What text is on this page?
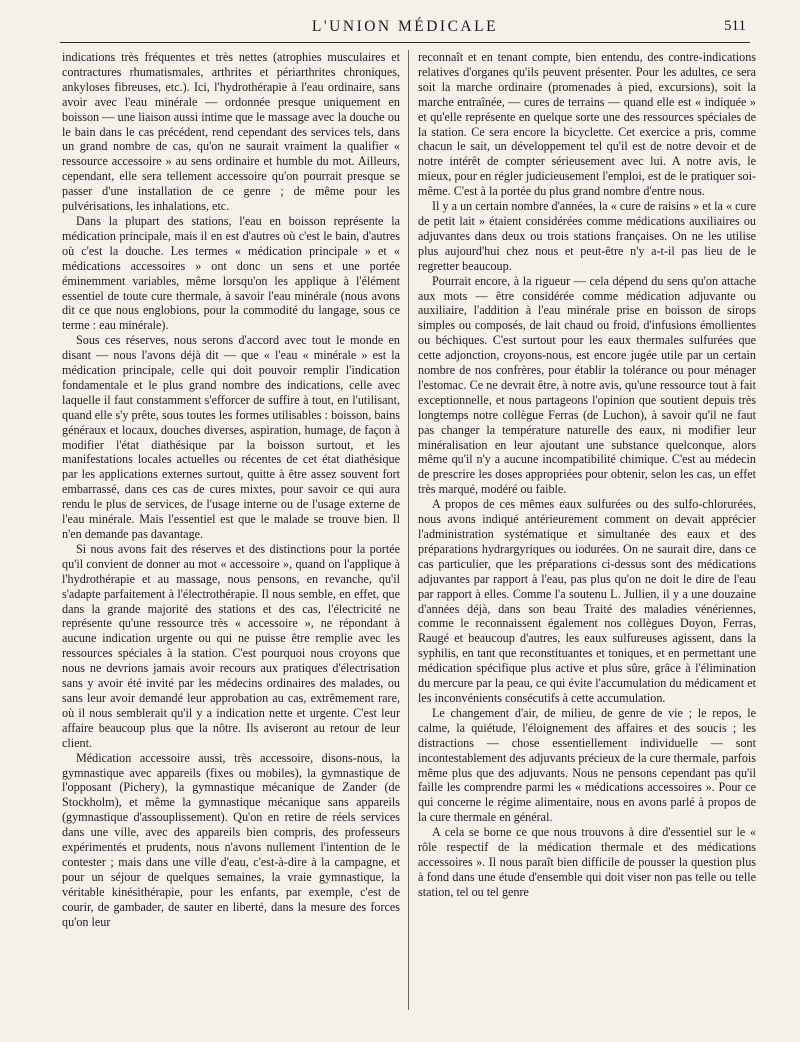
L'UNION MÉDICALE	511

indications très fréquentes et très nettes (atrophies musculaires et contractures rhumatismales, arthrites et périarthrites chroniques, ankyloses fibreuses, etc.). Ici, l'hydrothérapie à l'eau ordinaire, sans avoir avec l'eau minérale — ordonnée presque uniquement en boisson — une liaison aussi intime que le massage avec la douche ou le bain dans le cas précédent, rend cependant des services tels, dans un grand nombre de cas, qu'on ne saurait vraiment la qualifier « ressource accessoire » au sens ordinaire et humble du mot. Ailleurs, cependant, elle sera tellement accessoire qu'on pourrait presque se passer d'une installation de ce genre ; de même pour les pulvérisations, les inhalations, etc.

Dans la plupart des stations, l'eau en boisson représente la médication principale, mais il en est d'autres où c'est le bain, d'autres où c'est la douche. Les termes « médication principale » et « médications accessoires » ont donc un sens et une portée éminemment variables, même lorsqu'on les applique à l'élément essentiel de toute cure thermale, à savoir l'eau minérale (nous avons dit ce que nous englobions, pour la commodité du langage, sous ce terme : eau minérale).

Sous ces réserves, nous serons d'accord avec tout le monde en disant — nous l'avons déjà dit — que « l'eau « minérale » est la médication principale, celle qui doit pouvoir remplir l'indication fondamentale et le plus grand nombre des indications, celle avec laquelle il faut constamment s'efforcer de suffire à tout, en l'utilisant, quand elle s'y prête, sous toutes les formes utilisables : boisson, bains généraux et locaux, douches diverses, aspiration, humage, de façon à modifier l'état diathésique par la boisson surtout, et les manifestations locales actuelles ou récentes de cet état diathésique par les applications externes surtout, quitte à être assez souvent fort embarrassé, dans ces cas de cures mixtes, pour savoir ce qui aura rendu le plus de services, de l'usage interne ou de l'usage externe de l'eau minérale. Mais l'essentiel est que le malade se trouve bien. Il n'en demande pas davantage.

Si nous avons fait des réserves et des distinctions pour la portée qu'il convient de donner au mot « accessoire », quand on l'applique à l'hydrothérapie et au massage, nous pensons, en revanche, qu'il s'adapte parfaitement à l'électrothérapie. Il nous semble, en effet, que dans la grande majorité des stations et des cas, l'électricité ne représente qu'une ressource très « accessoire », ne répondant à aucune indication urgente ou qui ne puisse être remplie avec les ressources spéciales à la station. C'est pourquoi nous croyons que nous ne devrions jamais avoir recours aux pratiques d'électrisation sans y avoir été invité par les médecins ordinaires des malades, ou sans leur avoir demandé leur approbation au cas, extrêmement rare, où il nous semblerait qu'il y a indication nette et urgente. C'est leur affaire beaucoup plus que la nôtre. Ils aviseront au retour de leur client.

Médication accessoire aussi, très accessoire, disons-nous, la gymnastique avec appareils (fixes ou mobiles), la gymnastique de l'opposant (Pichery), la gymnastique mécanique de Zander (de Stockholm), et même la gymnastique mécanique sans appareils (gymnastique d'assouplissement). Qu'on en retire de réels services dans une ville, avec des appareils bien compris, des professeurs expérimentés et prudents, nous n'avons nullement l'intention de le contester ; mais dans une ville d'eau, c'est-à-dire à la campagne, et pour un séjour de quelques semaines, la vraie gymnastique, la véritable kinésithérapie, pour les enfants, par exemple, c'est de courir, de gambader, de sauter en liberté, dans la mesure des forces qu'on leur

reconnaît et en tenant compte, bien entendu, des contre-indications relatives d'organes qu'ils peuvent présenter. Pour les adultes, ce sera soit la marche ordinaire (promenades à pied, excursions), soit la marche entraînée, — cures de terrains — quand elle est « indiquée » et qu'elle représente en quelque sorte une des ressources spéciales de la station. Ce sera encore la bicyclette. Cet exercice a pris, comme chacun le sait, un développement tel qu'il est de notre devoir et de notre intérêt de compter sérieusement avec lui. A notre avis, le mieux, pour en régler judicieusement l'emploi, est de le pratiquer soi-même. C'est à la portée du plus grand nombre d'entre nous.

Il y a un certain nombre d'années, la « cure de raisins » et la « cure de petit lait » étaient considérées comme médications auxiliaires ou adjuvantes dans deux ou trois stations françaises. On ne les utilise plus aujourd'hui chez nous et peut-être n'y a-t-il pas lieu de le regretter beaucoup.

Pourrait encore, à la rigueur — cela dépend du sens qu'on attache aux mots — être considérée comme médication adjuvante ou auxiliaire, l'addition à l'eau minérale prise en boisson de sirops simples ou composés, de lait chaud ou froid, d'infusions émollientes ou béchiques. C'est surtout pour les eaux thermales sulfurées que cette adjonction, croyons-nous, est encore jugée utile par un certain nombre de nos confrères, pour établir la tolérance ou pour ménager l'estomac. Ce ne devrait être, à notre avis, qu'une ressource tout à fait exceptionnelle, et nous partageons l'opinion que soutient depuis très longtemps notre collègue Ferras (de Luchon), à savoir qu'il ne faut pas changer la température naturelle des eaux, ni modifier leur minéralisation en leur ajoutant une substance quelconque, alors même qu'il n'y a aucune incompatibilité chimique. C'est au médecin de prescrire les doses appropriées pour obtenir, selon les cas, un effet très marqué, modéré ou faible.

A propos de ces mêmes eaux sulfurées ou des sulfo-chlorurées, nous avons indiqué antérieurement comment on devait apprécier l'administration systématique et simultanée des eaux et des préparations hydrargyriques ou iodurées. On ne saurait dire, dans ce cas particulier, que les préparations ci-dessus sont des médications adjuvantes par rapport à l'eau, pas plus qu'on ne doit le dire de l'eau par rapport à elles. Comme l'a soutenu L. Jullien, il y a une douzaine d'années déjà, dans son beau Traité des maladies vénériennes, comme le reconnaissent également nos collègues Doyon, Ferras, Raugé et beaucoup d'autres, les eaux sulfureuses agissent, dans la syphilis, en tant que reconstituantes et toniques, et en permettant une médication spécifique plus active et plus sûre, grâce à l'élimination du mercure par la peau, ce qui évite l'accumulation du médicament et les inconvénients consécutifs à cette accumulation.

Le changement d'air, de milieu, de genre de vie ; le repos, le calme, la quiétude, l'éloignement des affaires et des soucis ; les distractions — chose essentiellement individuelle — sont incontestablement des adjuvants précieux de la cure thermale, parfois même plus que des adjuvants. Nous ne pensons cependant pas qu'il faille les comprendre parmi les « médications accessoires ». Pour ce qui concerne le régime alimentaire, nous en avons parlé à propos de la cure thermale en général.

A cela se borne ce que nous trouvons à dire d'essentiel sur le « rôle respectif de la médication thermale et des médications accessoires ». Il nous paraît bien difficile de pousser la question plus à fond dans une étude d'ensemble qui doit viser non pas telle ou telle station, tel ou tel genre
